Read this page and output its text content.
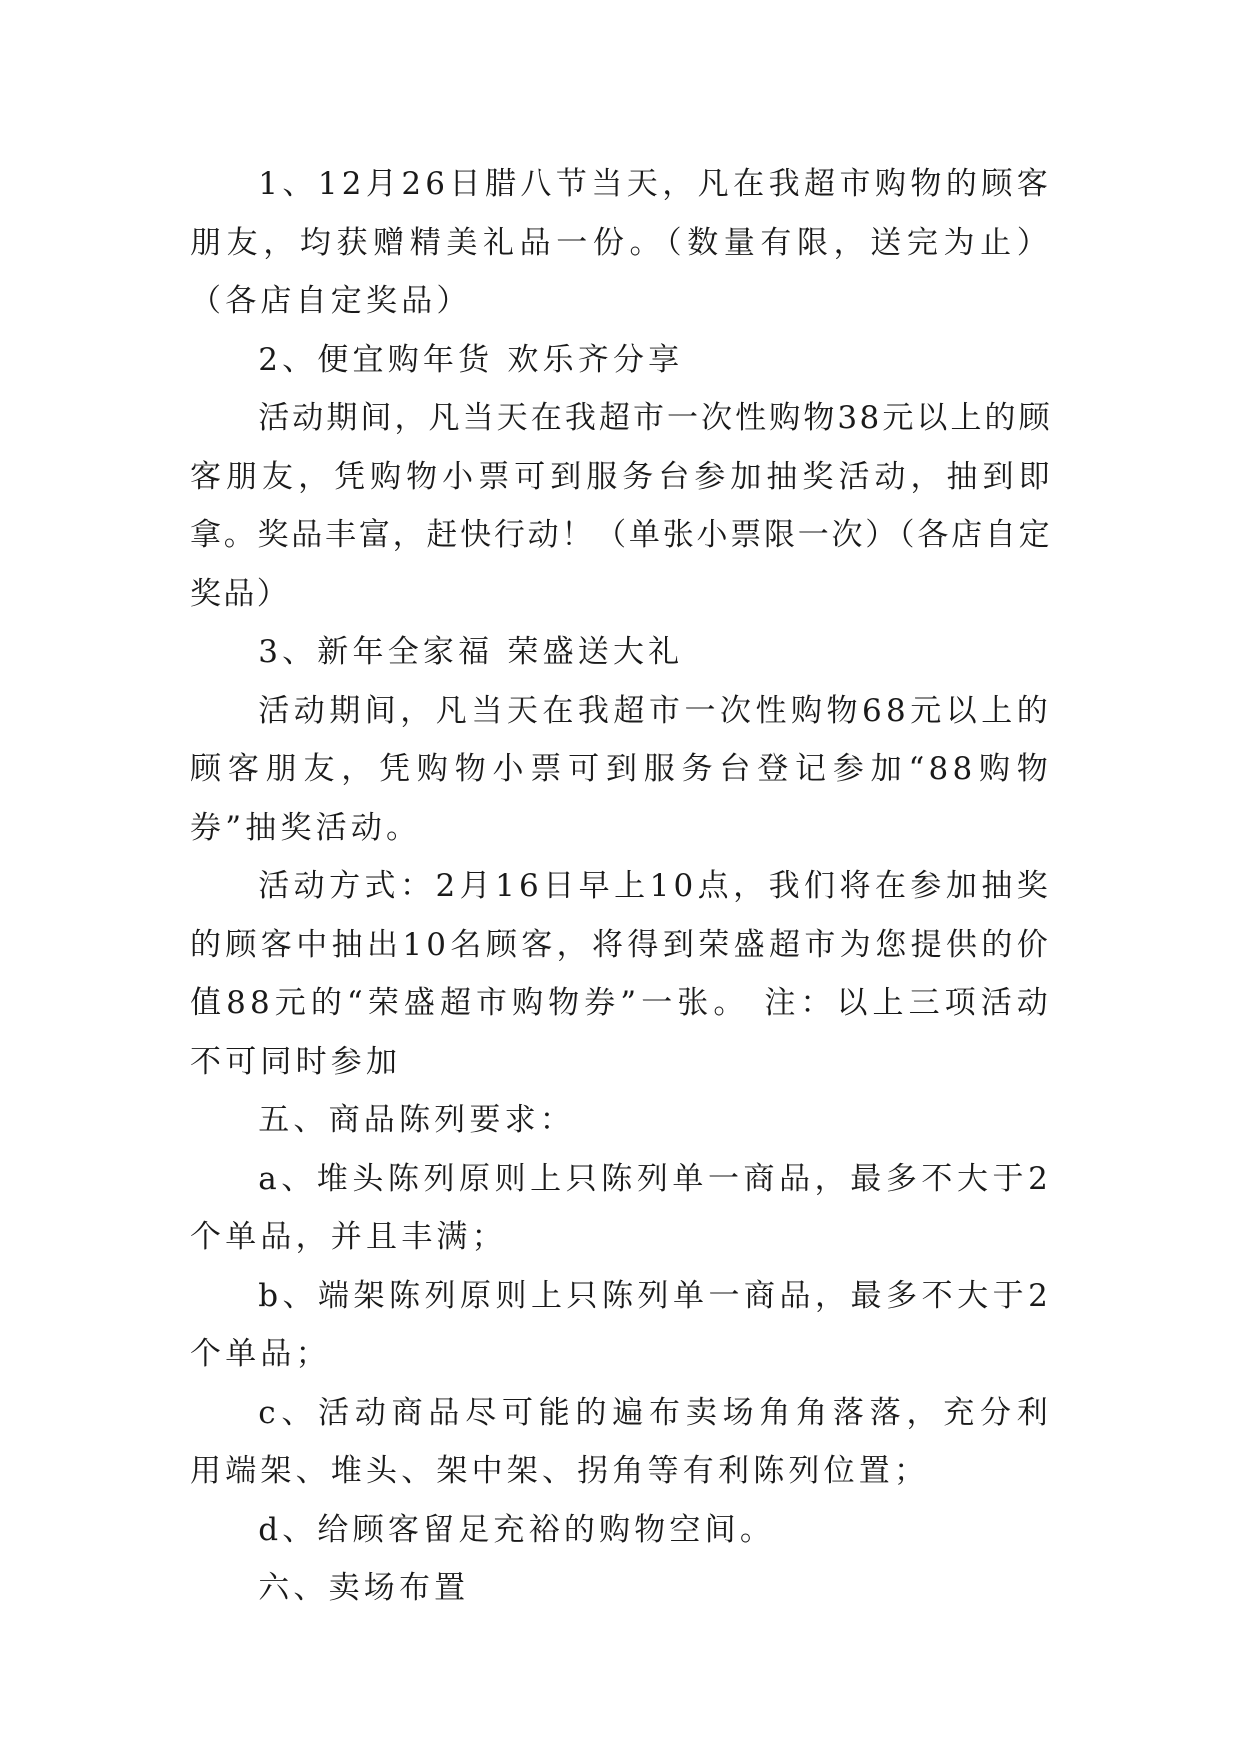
1、12月26日腊八节当天，凡在我超市购物的顾客朋友，均获赠精美礼品一份。（数量有限，送完为止）（各店自定奖品）

2、便宜购年货 欢乐齐分享

活动期间，凡当天在我超市一次性购物38元以上的顾客朋友，凭购物小票可到服务台参加抽奖活动，抽到即拿。奖品丰富，赶快行动！（单张小票限一次）（各店自定奖品）

3、新年全家福 荣盛送大礼

活动期间，凡当天在我超市一次性购物68元以上的顾客朋友，凭购物小票可到服务台登记参加“88购物券”抽奖活动。

活动方式：2月16日早上10点，我们将在参加抽奖的顾客中抽出10名顾客，将得到荣盛超市为您提供的价值88元的“荣盛超市购物券”一张。 注：以上三项活动不可同时参加

五、商品陈列要求：

a、堆头陈列原则上只陈列单一商品，最多不大于2个单品，并且丰满；

b、端架陈列原则上只陈列单一商品，最多不大于2个单品；

c、活动商品尽可能的遍布卖场角角落落，充分利用端架、堆头、架中架、拐角等有利陈列位置；

d、给顾客留足充裕的购物空间。

六、卖场布置
